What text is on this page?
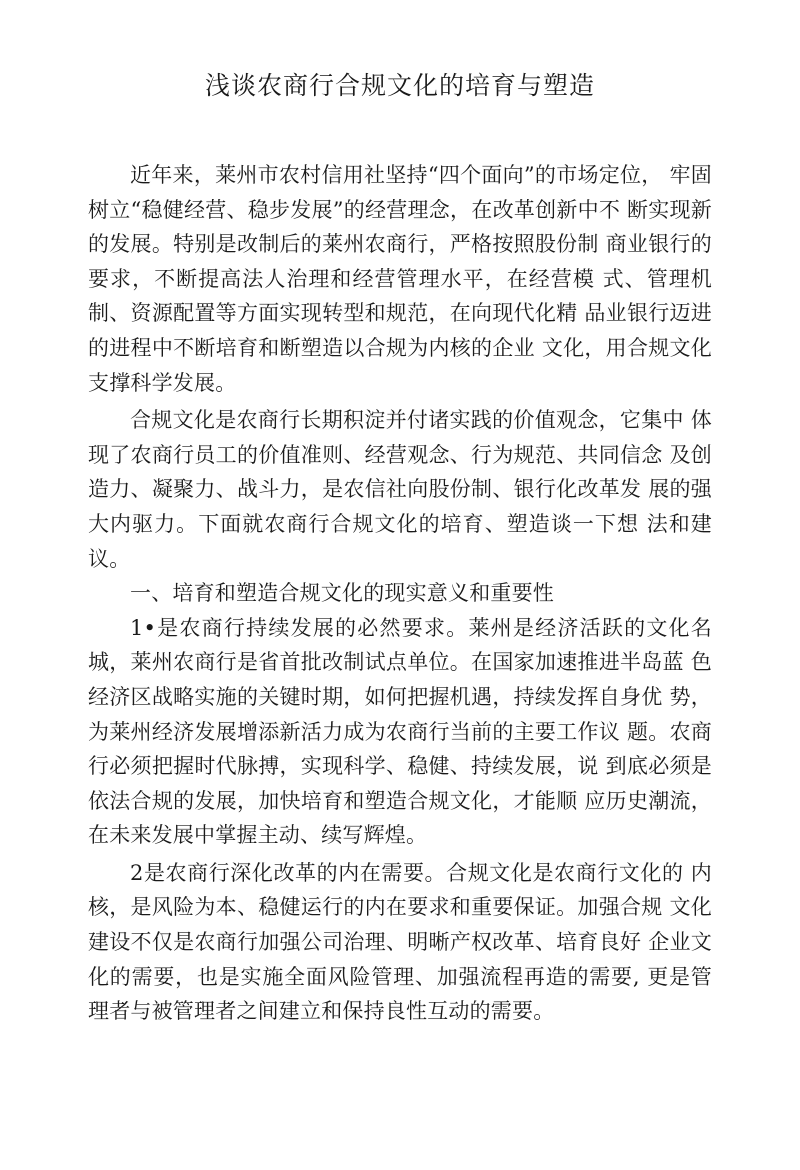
浅谈农商行合规文化的培育与塑造

近年来，莱州市农村信用社坚持“四个面向”的市场定位， 牢固树立“稳健经营、稳步发展”的经营理念，在改革创新中不 断实现新的发展。特别是改制后的莱州农商行，严格按照股份制 商业银行的要求，不断提高法人治理和经营管理水平，在经营模 式、管理机制、资源配置等方面实现转型和规范，在向现代化精 品业银行迈进的进程中不断培育和断塑造以合规为内核的企业 文化，用合规文化支撑科学发展。

合规文化是农商行长期积淀并付诸实践的价值观念，它集中 体现了农商行员工的价值准则、经营观念、行为规范、共同信念 及创造力、凝聚力、战斗力，是农信社向股份制、银行化改革发 展的强大内驱力。下面就农商行合规文化的培育、塑造谈一下想 法和建议。

一、培育和塑造合规文化的现实意义和重要性

1•是农商行持续发展的必然要求。莱州是经济活跃的文化名 城，莱州农商行是省首批改制试点单位。在国家加速推进半岛蓝 色经济区战略实施的关键时期，如何把握机遇，持续发挥自身优 势，为莱州经济发展增添新活力成为农商行当前的主要工作议 题。农商行必须把握时代脉搏，实现科学、稳健、持续发展，说 到底必须是依法合规的发展，加快培育和塑造合规文化，才能顺 应历史潮流，在未来发展中掌握主动、续写辉煌。

2是农商行深化改革的内在需要。合规文化是农商行文化的 内核，是风险为本、稳健运行的内在要求和重要保证。加强合规 文化建设不仅是农商行加强公司治理、明晰产权改革、培育良好 企业文化的需要，也是实施全面风险管理、加强流程再造的需要, 更是管理者与被管理者之间建立和保持良性互动的需要。
